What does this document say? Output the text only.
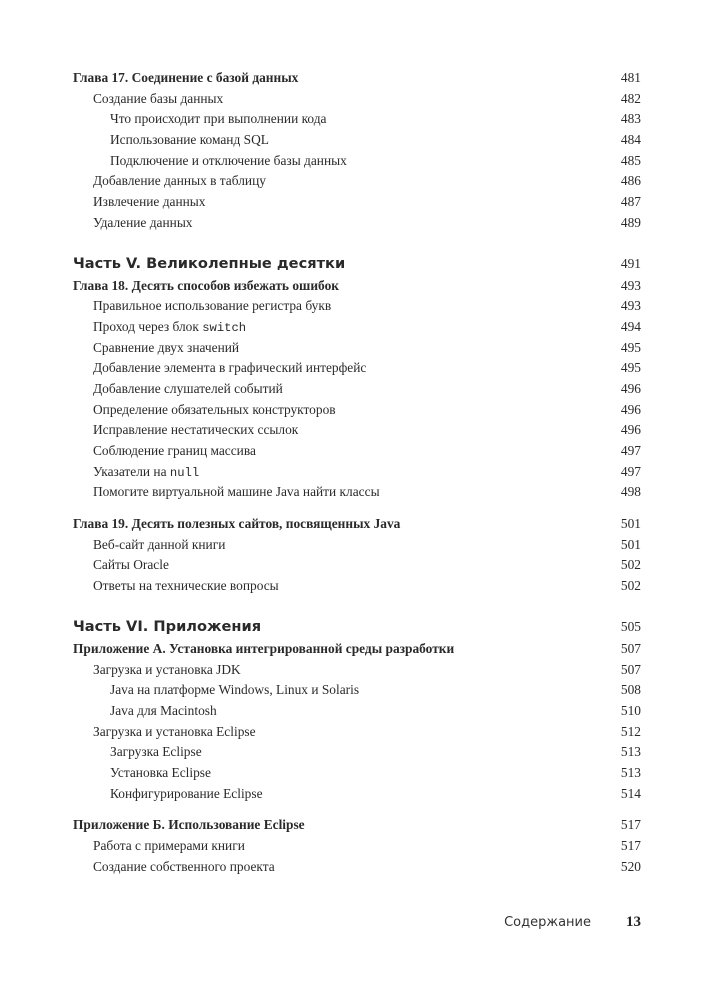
Глава 17. Соединение с базой данных	481
Создание базы данных	482
Что происходит при выполнении кода	483
Использование команд SQL	484
Подключение и отключение базы данных	485
Добавление данных в таблицу	486
Извлечение данных	487
Удаление данных	489
Часть V. Великолепные десятки	491
Глава 18. Десять способов избежать ошибок	493
Правильное использование регистра букв	493
Проход через блок switch	494
Сравнение двух значений	495
Добавление элемента в графический интерфейс	495
Добавление слушателей событий	496
Определение обязательных конструкторов	496
Исправление нестатических ссылок	496
Соблюдение границ массива	497
Указатели на null	497
Помогите виртуальной машине Java найти классы	498
Глава 19. Десять полезных сайтов, посвященных Java	501
Веб-сайт данной книги	501
Сайты Oracle	502
Ответы на технические вопросы	502
Часть VI. Приложения	505
Приложение А. Установка интегрированной среды разработки	507
Загрузка и установка JDK	507
Java на платформе Windows, Linux и Solaris	508
Java для Macintosh	510
Загрузка и установка Eclipse	512
Загрузка Eclipse	513
Установка Eclipse	513
Конфигурирование Eclipse	514
Приложение Б. Использование Eclipse	517
Работа с примерами книги	517
Создание собственного проекта	520
Содержание 13
